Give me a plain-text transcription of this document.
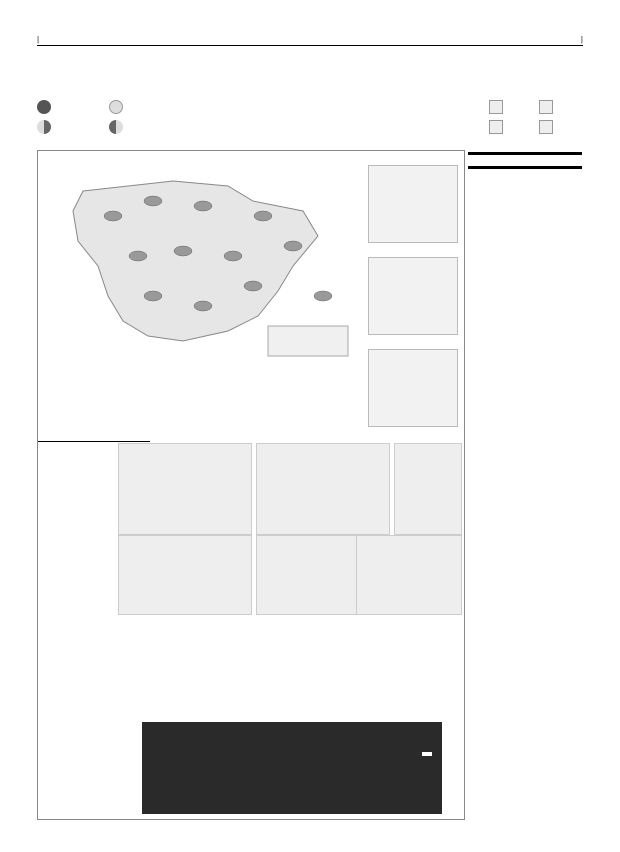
|	|
